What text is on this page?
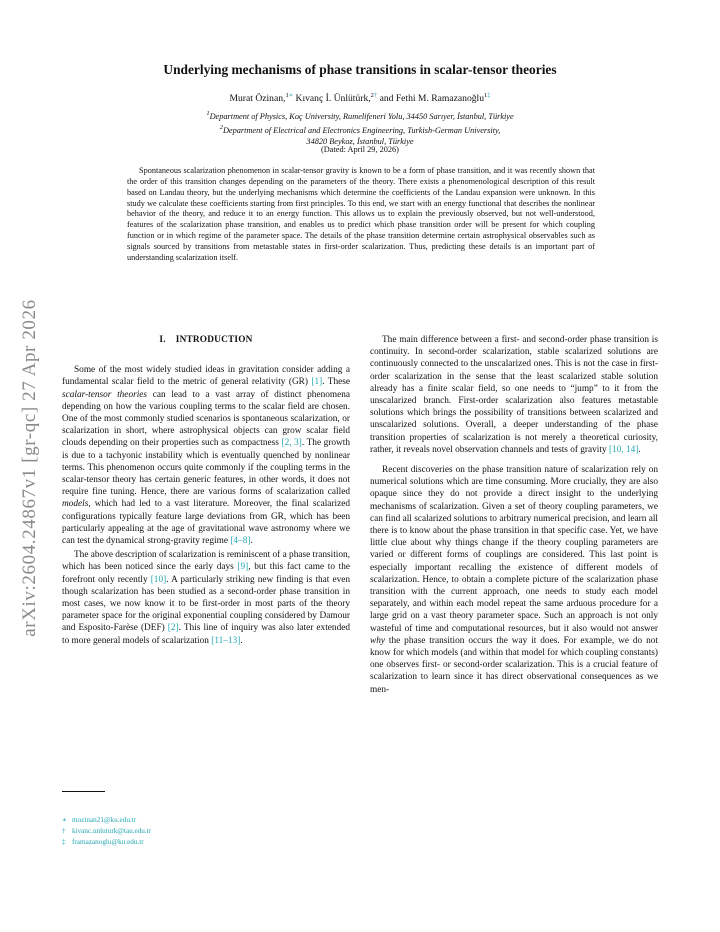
arXiv:2604.24867v1 [gr-qc] 27 Apr 2026
Underlying mechanisms of phase transitions in scalar-tensor theories
Murat Özinan,$^{1∗}$ Kıvanç İ. Ünlütürk,$^{2\dagger}$ and Fethi M. Ramazanoğlu$^{1\ddagger}$
$^1$Department of Physics, Koç University, Rumelifeneri Yolu, 34450 Sarıyer, İstanbul, Türkiye
$^2$Department of Electrical and Electronics Engineering, Turkish-German University,
34820 Beykoz, İstanbul, Türkiye
(Dated: April 29, 2026)
Spontaneous scalarization phenomenon in scalar-tensor gravity is known to be a form of phase transition, and it was recently shown that the order of this transition changes depending on the parameters of the theory. There exists a phenomenological description of this result based on Landau theory, but the underlying mechanisms which determine the coefficients of the Landau expansion were unknown. In this study we calculate these coefficients starting from first principles. To this end, we start with an energy functional that describes the nonlinear behavior of the theory, and reduce it to an energy function. This allows us to explain the previously observed, but not well-understood, features of the scalarization phase transition, and enables us to predict which phase transition order will be present for which coupling function or in which regime of the parameter space. The details of the phase transition determine certain astrophysical observables such as signals sourced by transitions from metastable states in first-order scalarization. Thus, predicting these details is an important part of understanding scalarization itself.
I. INTRODUCTION

Some of the most widely studied ideas in gravitation consider adding a fundamental scalar field to the metric of general relativity (GR) [1]. These scalar-tensor theories can lead to a vast array of distinct phenomena depending on how the various coupling terms to the scalar field are chosen. One of the most commonly studied scenarios is spontaneous scalarization, or scalarization in short, where astrophysical objects can grow scalar field clouds depending on their properties such as compactness [2, 3]. The growth is due to a tachyonic instability which is eventually quenched by nonlinear terms. This phenomenon occurs quite commonly if the coupling terms in the scalar-tensor theory has certain generic features, in other words, it does not require fine tuning. Hence, there are various forms of scalarization called models, which had led to a vast literature. Moreover, the final scalarized configurations typically feature large deviations from GR, which has been particularly appealing at the age of gravitational wave astronomy where we can test the dynamical strong-gravity regime [4–8].

The above description of scalarization is reminiscent of a phase transition, which has been noticed since the early days [9], but this fact came to the forefront only recently [10]. A particularly striking new finding is that even though scalarization has been studied as a second-order phase transition in most cases, we now know it to be first-order in most parts of the theory parameter space for the original exponential coupling considered by Damour and Esposito-Farèse (DEF) [2]. This line of inquiry was also later extended to more general models of scalarization [11–13].

The main difference between a first- and second-order phase transition is continuity. In second-order scalarization, stable scalarized solutions are continuously connected to the unscalarized ones. This is not the case in first-order scalarization in the sense that the least scalarized stable solution already has a finite scalar field, so one needs to “jump” to it from the unscalarized branch. First-order scalarization also features metastable solutions which brings the possibility of transitions between scalarized and unscalarized solutions. Overall, a deeper understanding of the phase transition properties of scalarization is not merely a theoretical curiosity, rather, it reveals novel observation channels and tests of gravity [10, 14].

Recent discoveries on the phase transition nature of scalarization rely on numerical solutions which are time consuming. More crucially, they are also opaque since they do not provide a direct insight to the underlying mechanisms of scalarization. Given a set of theory coupling parameters, we can find all scalarized solutions to arbitrary numerical precision, and learn all there is to know about the phase transition in that specific case. Yet, we have little clue about why things change if the theory coupling parameters are varied or different forms of couplings are considered. This last point is especially important recalling the existence of different models of scalarization. Hence, to obtain a complete picture of the scalarization phase transition with the current approach, one needs to study each model separately, and within each model repeat the same arduous procedure for a large grid on a vast theory parameter space. Such an approach is not only wasteful of time and computational resources, but it also would not answer why the phase transition occurs the way it does. For example, we do not know for which models (and within that model for which coupling constants) one observes first- or second-order scalarization. This is a crucial feature of scalarization to learn since it has direct observational consequences as we men-

∗ mozinan21@ku.edu.tr
† kivanc.unluturk@tau.edu.tr
‡ framazanoglu@ku.edu.tr
